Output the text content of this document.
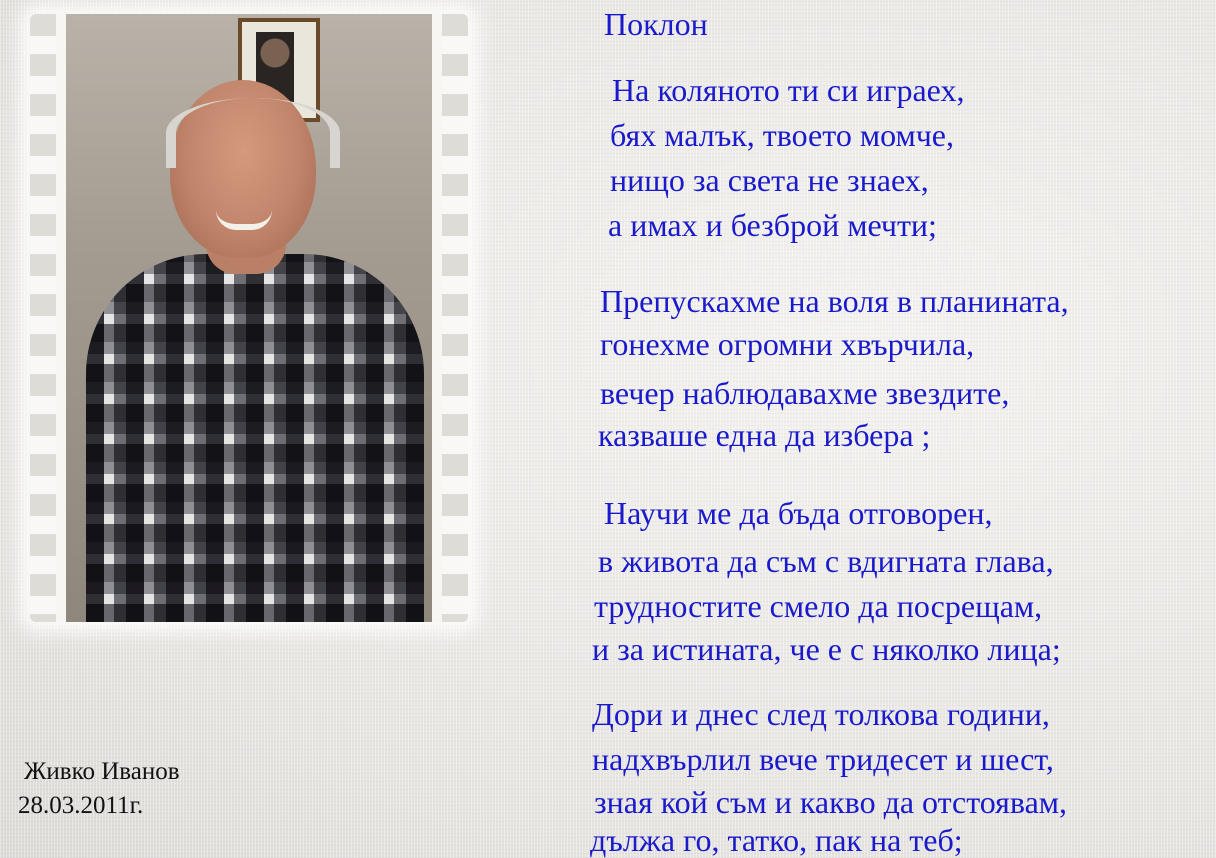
Поклон
На коляното ти си играех,
бях малък, твоето момче,
нищо за света не знаех,
а имах и безброй мечти;
Препускахме на воля в планината,
гонехме огромни хвърчила,
вечер наблюдавахме звездите,
казваше една да избера ;
Научи ме да бъда отговорен,
в живота да съм с вдигната глава,
трудностите смело да посрещам,
и за истината, че е с няколко лица;
Дори и днес след толкова години,
надхвърлил вече тридесет и шест,
зная кой съм и какво да отстоявам,
дължа го, татко, пак на теб;
Живко Иванов
28.03.2011г.
